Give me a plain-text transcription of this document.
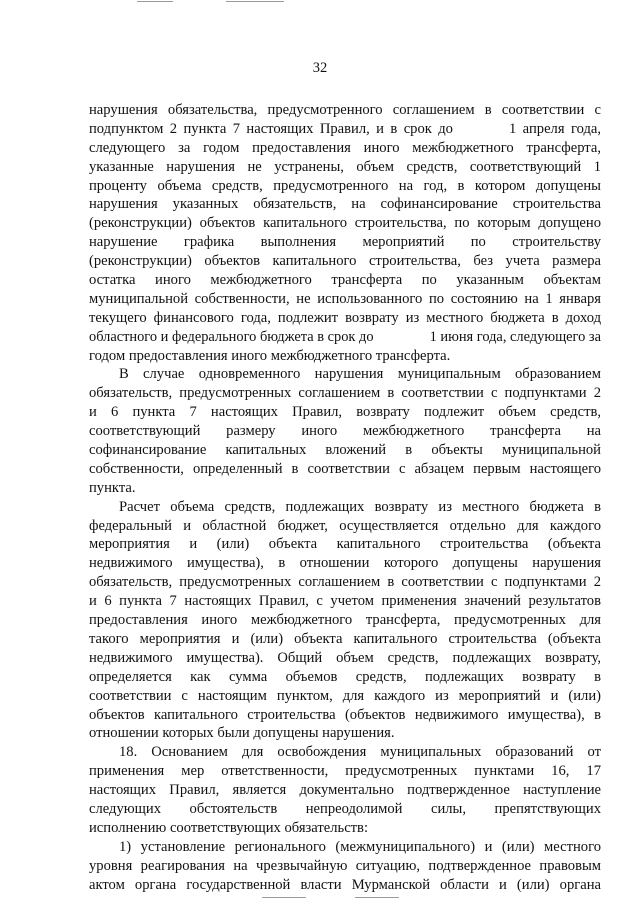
32
нарушения обязательства, предусмотренного соглашением в соответствии с
подпунктом 2 пункта 7 настоящих Правил, и в срок до	1 апреля года,
следующего за годом предоставления иного межбюджетного трансферта,
указанные нарушения не устранены, объем средств, соответствующий 1
проценту объема средств, предусмотренного на год, в котором допущены
нарушения указанных обязательств, на софинансирование строительства
(реконструкции) объектов капитального строительства, по которым допущено
нарушение графика выполнения мероприятий по строительству
(реконструкции) объектов капитального строительства, без учета размера
остатка иного межбюджетного трансферта по указанным объектам
муниципальной собственности, не использованного по состоянию на 1 января
текущего финансового года, подлежит возврату из местного бюджета в доход
областного и федерального бюджета в срок до	1 июня года, следующего за
годом предоставления иного межбюджетного трансферта.
В случае одновременного нарушения муниципальным образованием
обязательств, предусмотренных соглашением в соответствии с подпунктами 2
и 6 пункта 7 настоящих Правил, возврату подлежит объем средств,
соответствующий размеру иного межбюджетного трансферта на
софинансирование капитальных вложений в объекты муниципальной
собственности, определенный в соответствии с абзацем первым настоящего
пункта.
Расчет объема средств, подлежащих возврату из местного бюджета в
федеральный и областной бюджет, осуществляется отдельно для каждого
мероприятия и (или) объекта капитального строительства (объекта
недвижимого имущества), в отношении которого допущены нарушения
обязательств, предусмотренных соглашением в соответствии с подпунктами 2
и 6 пункта 7 настоящих Правил, с учетом применения значений результатов
предоставления иного межбюджетного трансферта, предусмотренных для
такого мероприятия и (или) объекта капитального строительства (объекта
недвижимого имущества). Общий объем средств, подлежащих возврату,
определяется как сумма объемов средств, подлежащих возврату в
соответствии с настоящим пунктом, для каждого из мероприятий и (или)
объектов капитального строительства (объектов недвижимого имущества), в
отношении которых были допущены нарушения.
18. Основанием для освобождения муниципальных образований от
применения мер ответственности, предусмотренных пунктами 16, 17
настоящих Правил, является документально подтвержденное наступление
следующих обстоятельств непреодолимой силы, препятствующих
исполнению соответствующих обязательств:
1) установление регионального (межмуниципального) и (или) местного
уровня реагирования на чрезвычайную ситуацию, подтвержденное правовым
актом органа государственной власти Мурманской области и (или) органа
